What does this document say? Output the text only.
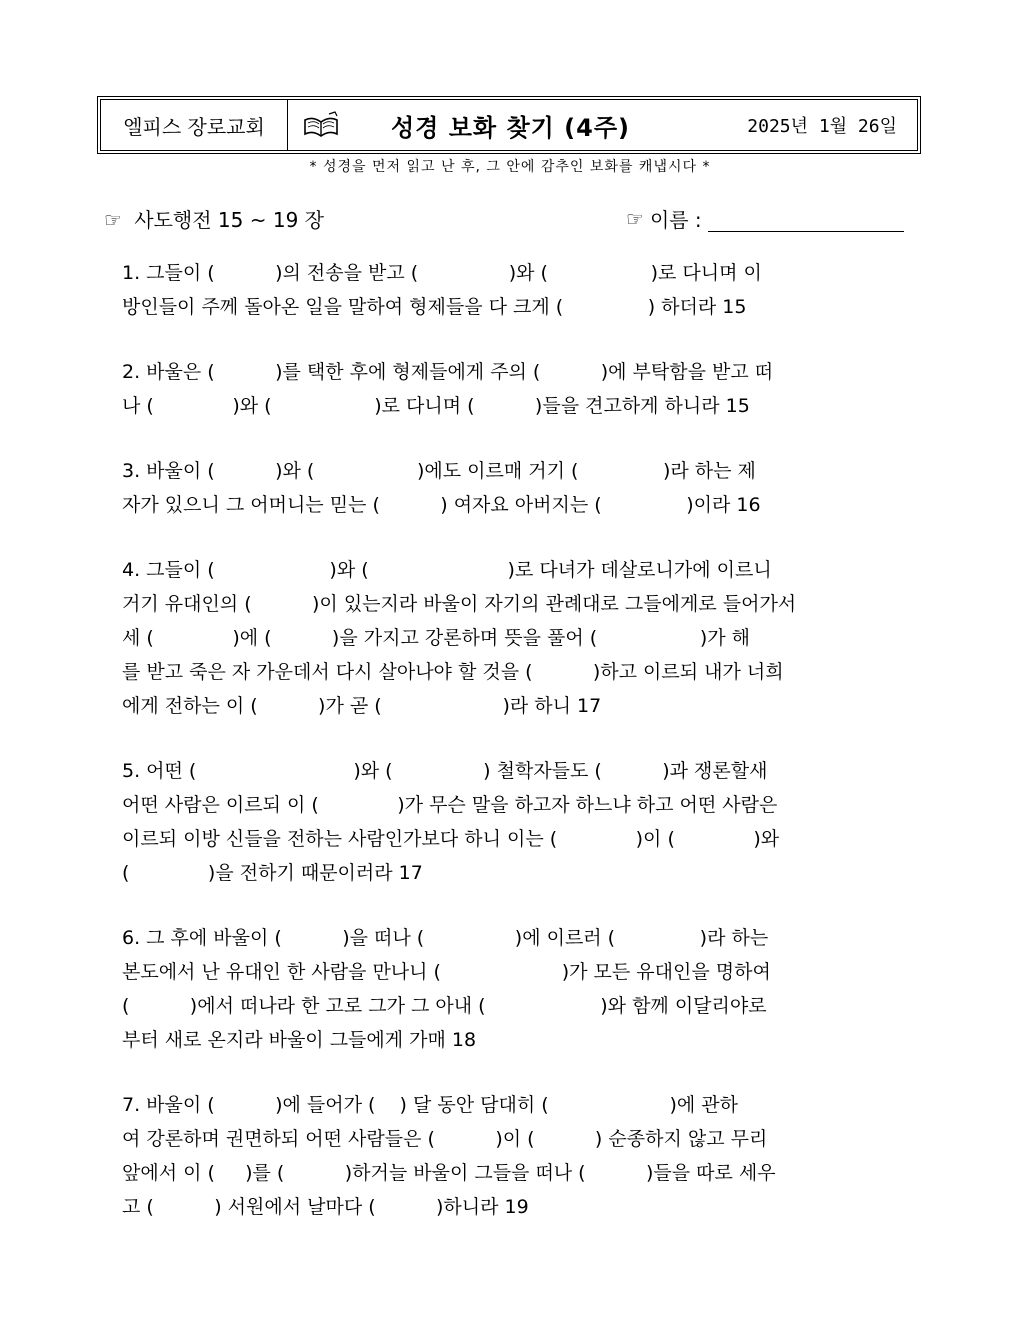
엘피스 장로교회	성경 보화 찾기 (4주)	2025년 1월 26일
* 성경을 먼저 읽고 난 후, 그 안에 감추인 보화를 캐냅시다 *
☞ 사도행전 15 ~ 19 장	☞ 이름 :

1. 그들이 (          )의 전송을 받고 (               )와 (                 )로 다니며 이

방인들이 주께 돌아온 일을 말하여 형제들을 다 크게 (              ) 하더라 15

2. 바울은 (          )를 택한 후에 형제들에게 주의 (          )에 부탁함을 받고 떠

나 (             )와 (                 )로 다니며 (          )들을 견고하게 하니라 15

3. 바울이 (          )와 (                 )에도 이르매 거기 (              )라 하는 제

자가 있으니 그 어머니는 믿는 (          ) 여자요 아버지는 (              )이라 16

4. 그들이 (                   )와 (                       )로 다녀가 데살로니가에 이르니

거기 유대인의 (          )이 있는지라 바울이 자기의 관례대로 그들에게로 들어가서

세 (             )에 (          )을 가지고 강론하며 뜻을 풀어 (                 )가 해

를 받고 죽은 자 가운데서 다시 살아나야 할 것을 (          )하고 이르되 내가 너희

에게 전하는 이 (          )가 곧 (                    )라 하니 17

5. 어떤 (                          )와 (               ) 철학자들도 (          )과 쟁론할새

어떤 사람은 이르되 이 (             )가 무슨 말을 하고자 하느냐 하고 어떤 사람은

이르되 이방 신들을 전하는 사람인가보다 하니 이는 (             )이 (             )와

(             )을 전하기 때문이러라 17

6. 그 후에 바울이 (          )을 떠나 (               )에 이르러 (              )라 하는

본도에서 난 유대인 한 사람을 만나니 (                    )가 모든 유대인을 명하여

(          )에서 떠나라 한 고로 그가 그 아내 (                   )와 함께 이달리야로

부터 새로 온지라 바울이 그들에게 가매 18

7. 바울이 (          )에 들어가 (    ) 달 동안 담대히 (                    )에 관하

여 강론하며 권면하되 어떤 사람들은 (          )이 (          ) 순종하지 않고 무리

앞에서 이 (     )를 (          )하거늘 바울이 그들을 떠나 (          )들을 따로 세우

고 (          ) 서원에서 날마다 (          )하니라 19
